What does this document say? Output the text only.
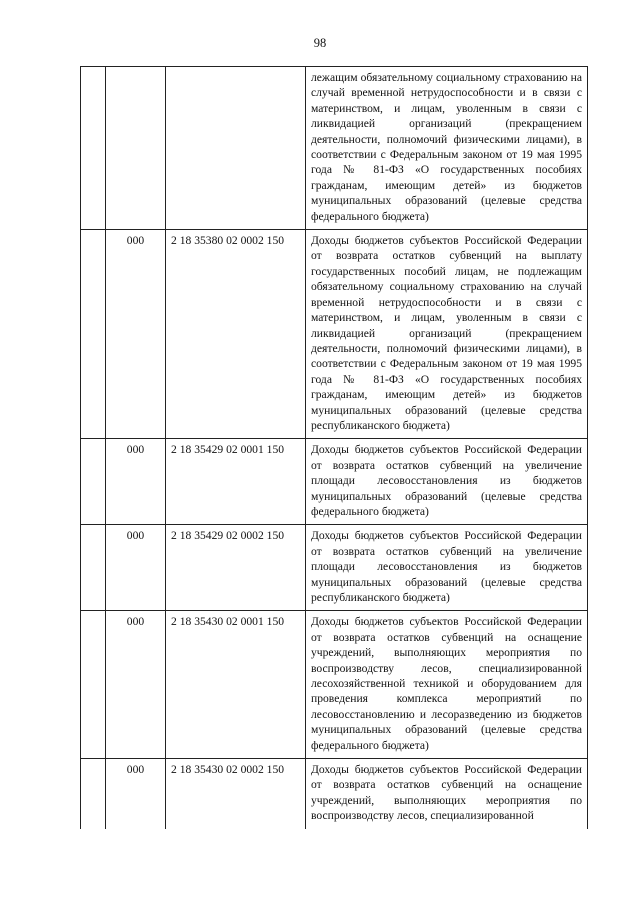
98
			лежащим обязательному социальному страхованию на случай временной нетрудоспособности и в связи с материнством, и лицам, уволенным в связи с ликвидацией организаций (прекращением деятельности, полномочий физическими лицами), в соответствии с Федеральным законом от 19 мая 1995 года № 81-ФЗ «О государственных пособиях гражданам, имеющим детей» из бюджетов муниципальных образований (целевые средства федерального бюджета)
	000	2 18 35380 02 0002 150	Доходы бюджетов субъектов Российской Федерации от возврата остатков субвенций на выплату государственных пособий лицам, не подлежащим обязательному социальному страхованию на случай временной нетрудоспособности и в связи с материнством, и лицам, уволенным в связи с ликвидацией организаций (прекращением деятельности, полномочий физическими лицами), в соответствии с Федеральным законом от 19 мая 1995 года № 81-ФЗ «О государственных пособиях гражданам, имеющим детей» из бюджетов муниципальных образований (целевые средства республиканского бюджета)
	000	2 18 35429 02 0001 150	Доходы бюджетов субъектов Российской Федерации от возврата остатков субвенций на увеличение площади лесовосстановления из бюджетов муниципальных образований (целевые средства федерального бюджета)
	000	2 18 35429 02 0002 150	Доходы бюджетов субъектов Российской Федерации от возврата остатков субвенций на увеличение площади лесовосстановления из бюджетов муниципальных образований (целевые средства республиканского бюджета)
	000	2 18 35430 02 0001 150	Доходы бюджетов субъектов Российской Федерации от возврата остатков субвенций на оснащение учреждений, выполняющих мероприятия по воспроизводству лесов, специализированной лесохозяйственной техникой и оборудованием для проведения комплекса мероприятий по лесовосстановлению и лесоразведению из бюджетов муниципальных образований (целевые средства федерального бюджета)
	000	2 18 35430 02 0002 150	Доходы бюджетов субъектов Российской Федерации от возврата остатков субвенций на оснащение учреждений, выполняющих мероприятия по воспроизводству лесов, специализированной
